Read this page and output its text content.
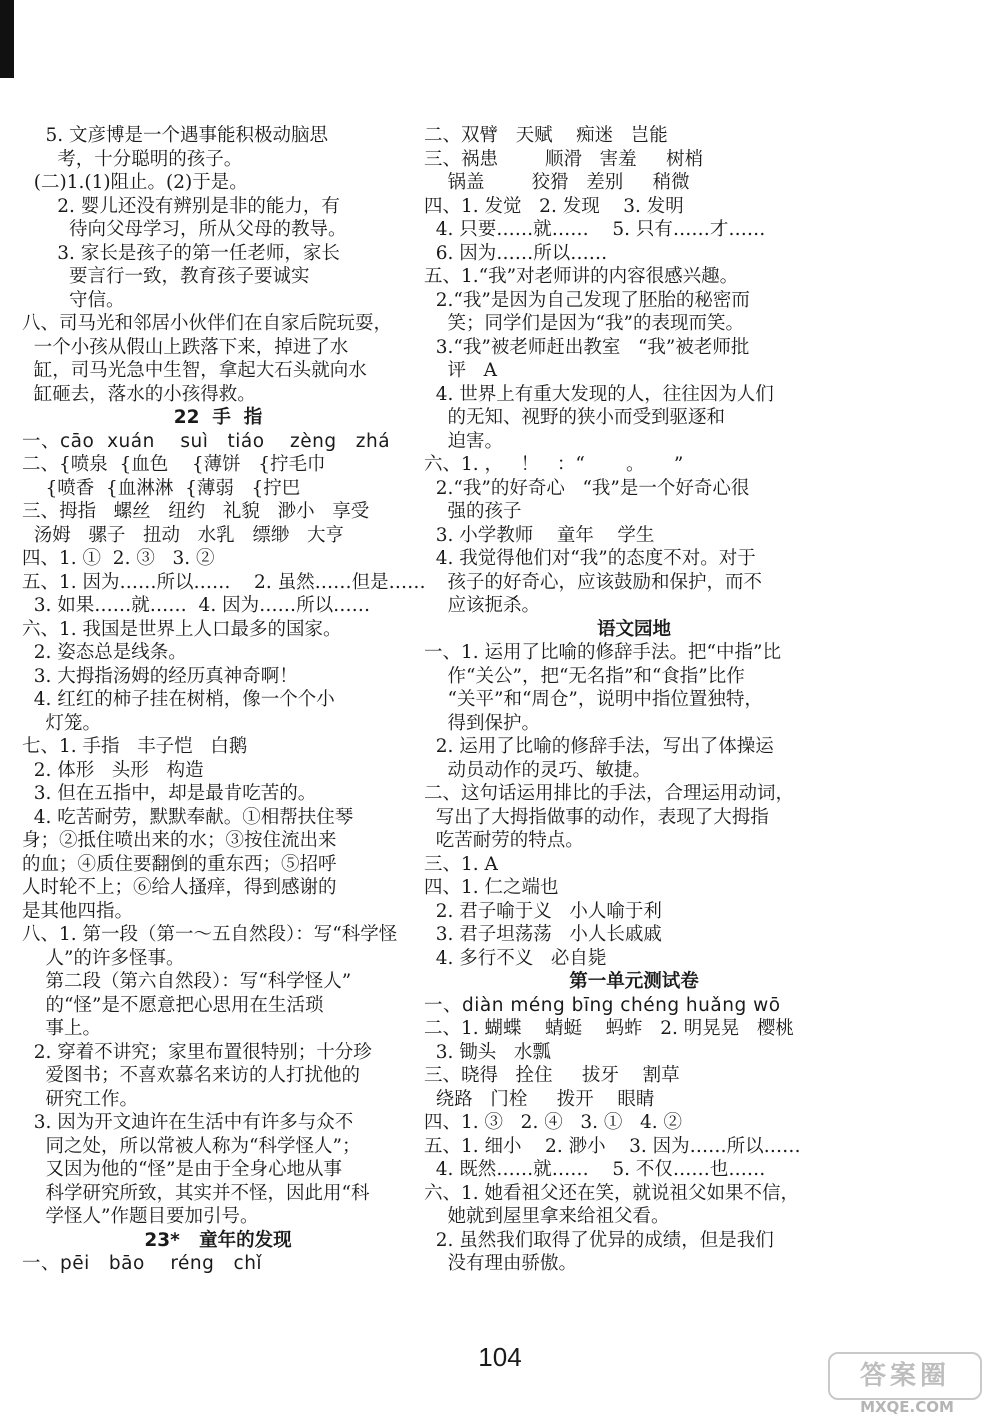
5. 文彦博是一个遇事能积极动脑思
考，十分聪明的孩子。
(二)1.(1)阻止。(2)于是。
2. 婴儿还没有辨别是非的能力，有
待向父母学习，所从父母的教导。
3. 家长是孩子的第一任老师，家长
要言行一致，教育孩子要诚实
守信。
八、司马光和邻居小伙伴们在自家后院玩耍，
一个小孩从假山上跌落下来，掉进了水
缸，司马光急中生智，拿起大石头就向水
缸砸去，落水的小孩得救。
22  手  指
一、cāo  xuán    suì   tiáo    zèng   zhá
二、{喷泉  {血色    {薄饼   {拧毛巾
{喷香  {血淋淋  {薄弱   {拧巴
三、拇指   螺丝   纽约   礼貌   渺小   享受
汤姆   骡子   扭动   水乳   缥缈   大亨
四、1. ①  2. ③   3. ②
五、1. 因为……所以……    2. 虽然……但是……
3. 如果……就……  4. 因为……所以……
六、1. 我国是世界上人口最多的国家。
2. 姿态总是线条。
3. 大拇指汤姆的经历真神奇啊！
4. 红红的柿子挂在树梢，像一个个小
灯笼。
七、1. 手指   丰子恺   白鹅
2. 体形   头形   构造
3. 但在五指中，却是最肯吃苦的。
4. 吃苦耐劳，默默奉献。①相帮扶住琴
身；②抵住喷出来的水；③按住流出来
的血；④质住要翻倒的重东西；⑤招呼
人时轮不上；⑥给人搔痒，得到感谢的
是其他四指。
八、1. 第一段（第一～五自然段）：写“科学怪
人”的许多怪事。
第二段（第六自然段）：写“科学怪人”
的“怪”是不愿意把心思用在生活琐
事上。
2. 穿着不讲究；家里布置很特别；十分珍
爱图书；不喜欢慕名来访的人打扰他的
研究工作。
3. 因为开文迪许在生活中有许多与众不
同之处，所以常被人称为“科学怪人”；
又因为他的“怪”是由于全身心地从事
科学研究所致，其实并不怪，因此用“科
学怪人”作题目要加引号。
23*   童年的发现
一、pēi   bāo    réng   chǐ
二、双臂   天赋    痴迷   岂能
三、祸患        顺滑   害羞     树梢
锅盖        狡猾   差别     稍微
四、1. 发觉   2. 发现    3. 发明
4. 只要……就……    5. 只有……才……
6. 因为……所以……
五、1.“我”对老师讲的内容很感兴趣。
2.“我”是因为自己发现了胚胎的秘密而
笑；同学们是因为“我”的表现而笑。
3.“我”被老师赶出教室   “我”被老师批
评   A
4. 世界上有重大发现的人，往往因为人们
的无知、视野的狭小而受到驱逐和
迫害。
六、1. ，   ！   ：“       。     ”
2.“我”的好奇心   “我”是一个好奇心很
强的孩子
3. 小学教师    童年    学生
4. 我觉得他们对“我”的态度不对。对于
孩子的好奇心，应该鼓励和保护，而不
应该扼杀。
语文园地
一、1. 运用了比喻的修辞手法。把“中指”比
作“关公”，把“无名指”和“食指”比作
“关平”和“周仓”，说明中指位置独特，
得到保护。
2. 运用了比喻的修辞手法，写出了体操运
动员动作的灵巧、敏捷。
二、这句话运用排比的手法，合理运用动词，
写出了大拇指做事的动作，表现了大拇指
吃苦耐劳的特点。
三、1. A
四、1. 仁之端也
2. 君子喻于义   小人喻于利
3. 君子坦荡荡   小人长戚戚
4. 多行不义   必自毙
第一单元测试卷
一、diàn méng bīng chéng huǎng wō
二、1. 蝴蝶    蜻蜓    蚂蚱   2. 明晃晃   樱桃
3. 锄头   水瓢
三、晓得   拴住     拔牙    割草
绕路   门栓     拨开    眼睛
四、1. ③   2. ④   3. ①   4. ②
五、1. 细小    2. 渺小    3. 因为……所以……
4. 既然……就……    5. 不仅……也……
六、1. 她看祖父还在笑，就说祖父如果不信，
她就到屋里拿来给祖父看。
2. 虽然我们取得了优异的成绩，但是我们
没有理由骄傲。
104
答案圈
MXQE.COM
